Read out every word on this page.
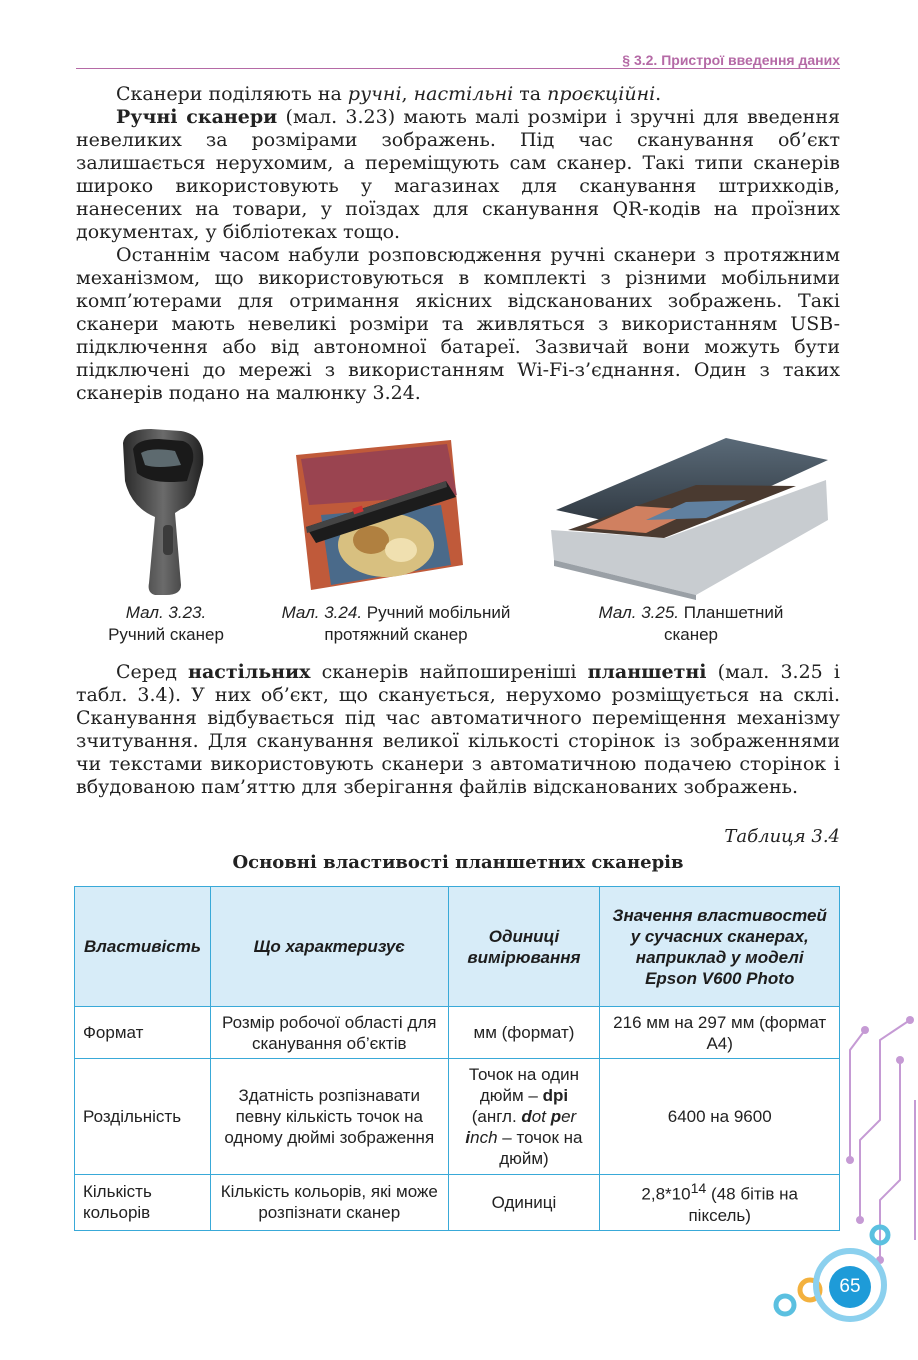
§ 3.2. Пристрої введення даних

Сканери поділяють на ручні, настільні та проєкційні.

Ручні сканери (мал. 3.23) мають малі розміри і зручні для введення невеликих за розмірами зображень. Під час сканування об’єкт залишається нерухомим, а переміщують сам сканер. Такі типи сканерів широко використовують у магазинах для сканування штрихкодів, нанесених на товари, у поїздах для сканування QR-кодів на проїзних документах, у бібліотеках тощо.

Останнім часом набули розповсюдження ручні сканери з протяжним механізмом, що використовуються в комплекті з різними мобільними комп’ютерами для отримання якісних відсканованих зображень. Такі сканери мають невеликі розміри та живляться з використанням USB-підключення або від автономної батареї. Зазвичай вони можуть бути підключені до мережі з використанням Wi-Fi-з’єднання. Один з таких сканерів подано на малюнку 3.24.

Мал. 3.23.
Ручний сканер
Мал. 3.24. Ручний мобільний протяжний сканер
Мал. 3.25. Планшетний сканер

Серед настільних сканерів найпоширеніші планшетні (мал. 3.25 і табл. 3.4). У них об’єкт, що сканується, нерухомо розміщується на склі. Сканування відбувається під час автоматичного переміщення механізму зчитування. Для сканування великої кількості сторінок із зображеннями чи текстами використовують сканери з автоматичною подачею сторінок і вбудованою пам’яттю для зберігання файлів відсканованих зображень.

Таблиця 3.4
Основні властивості планшетних сканерів
Властивість	Що характеризує	Одиниці вимірювання	Значення властивостей у сучасних сканерах, наприклад у моделі Epson V600 Photo
Формат	Розмір робочої області для сканування об’єктів	мм (формат)	216 мм на 297 мм (формат A4)
Роздільність	Здатність розпізнавати певну кількість точок на одному дюймі зображення	Точок на один дюйм – dpi (англ. dot per inch – точок на дюйм)	6400 на 9600
Кількість кольорів	Кількість кольорів, які може розпізнати сканер	Одиниці	$2,8*10^{14}$ (48 бітів на піксель)
65
